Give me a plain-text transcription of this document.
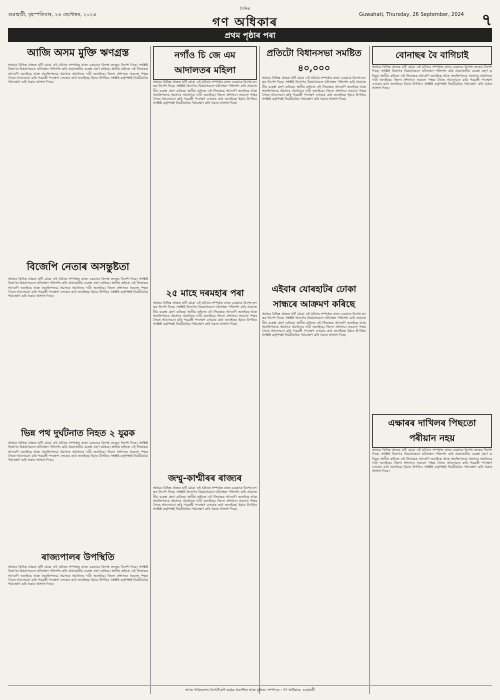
গুৱাহাটী, বৃহস্পতিবাৰ, ২৬ ছেপ্টেম্বৰ, ২০২৪
দৈনিক
গণ অধিকাৰ	Guwahati, Thursday, 26 September, 2024 ৭
প্ৰথম পৃষ্ঠাৰ পৰা
আজি অসম মুক্তি ঋণগ্ৰস্ত

অসমৰ বিভিন্ন প্ৰান্তত ঘটি যোৱা এই ঘটনাৰ সম্পৰ্কত ৰাজ্য চৰকাৰে বিশেষ তদন্তৰ নিৰ্দেশ দিছে। সংশ্লিষ্ট বিভাগৰ বিষয়াসকলে ঘটনাস্থল পৰিদৰ্শন কৰি প্ৰয়োজনীয় ব্যৱস্থা গ্ৰহণ কৰিছে। স্থানীয় ৰাইজে এই সিদ্ধান্তক আদৰণি জনাইছে আৰু অনতিপলমে সমস্যাৰ সমাধানৰ দাবী জনাইছে। জিলা প্ৰশাসনে সকলো পক্ষৰ সৈতে আলোচনা কৰি পৰৱৰ্তী পদক্ষেপ লোৱাৰ কথা জনাইছে। ইয়াৰ উপৰিও সংশ্লিষ্ট কৰ্তৃপক্ষই নিয়মীয়াকৈ পৰ্যবেক্ষণ কৰি থকাৰ আশ্বাস দিছে।

বিজেপি নেতাৰ অসন্তুষ্টতা

অসমৰ বিভিন্ন প্ৰান্তত ঘটি যোৱা এই ঘটনাৰ সম্পৰ্কত ৰাজ্য চৰকাৰে বিশেষ তদন্তৰ নিৰ্দেশ দিছে। সংশ্লিষ্ট বিভাগৰ বিষয়াসকলে ঘটনাস্থল পৰিদৰ্শন কৰি প্ৰয়োজনীয় ব্যৱস্থা গ্ৰহণ কৰিছে। স্থানীয় ৰাইজে এই সিদ্ধান্তক আদৰণি জনাইছে আৰু অনতিপলমে সমস্যাৰ সমাধানৰ দাবী জনাইছে। জিলা প্ৰশাসনে সকলো পক্ষৰ সৈতে আলোচনা কৰি পৰৱৰ্তী পদক্ষেপ লোৱাৰ কথা জনাইছে। ইয়াৰ উপৰিও সংশ্লিষ্ট কৰ্তৃপক্ষই নিয়মীয়াকৈ পৰ্যবেক্ষণ কৰি থকাৰ আশ্বাস দিছে।

ভিন্ন পথ দুৰ্ঘটনাত নিহত ২ যুৱক

অসমৰ বিভিন্ন প্ৰান্তত ঘটি যোৱা এই ঘটনাৰ সম্পৰ্কত ৰাজ্য চৰকাৰে বিশেষ তদন্তৰ নিৰ্দেশ দিছে। সংশ্লিষ্ট বিভাগৰ বিষয়াসকলে ঘটনাস্থল পৰিদৰ্শন কৰি প্ৰয়োজনীয় ব্যৱস্থা গ্ৰহণ কৰিছে। স্থানীয় ৰাইজে এই সিদ্ধান্তক আদৰণি জনাইছে আৰু অনতিপলমে সমস্যাৰ সমাধানৰ দাবী জনাইছে। জিলা প্ৰশাসনে সকলো পক্ষৰ সৈতে আলোচনা কৰি পৰৱৰ্তী পদক্ষেপ লোৱাৰ কথা জনাইছে। ইয়াৰ উপৰিও সংশ্লিষ্ট কৰ্তৃপক্ষই নিয়মীয়াকৈ পৰ্যবেক্ষণ কৰি থকাৰ আশ্বাস দিছে।

ৰাজ্যপালৰ উপস্থিতি

অসমৰ বিভিন্ন প্ৰান্তত ঘটি যোৱা এই ঘটনাৰ সম্পৰ্কত ৰাজ্য চৰকাৰে বিশেষ তদন্তৰ নিৰ্দেশ দিছে। সংশ্লিষ্ট বিভাগৰ বিষয়াসকলে ঘটনাস্থল পৰিদৰ্শন কৰি প্ৰয়োজনীয় ব্যৱস্থা গ্ৰহণ কৰিছে। স্থানীয় ৰাইজে এই সিদ্ধান্তক আদৰণি জনাইছে আৰু অনতিপলমে সমস্যাৰ সমাধানৰ দাবী জনাইছে। জিলা প্ৰশাসনে সকলো পক্ষৰ সৈতে আলোচনা কৰি পৰৱৰ্তী পদক্ষেপ লোৱাৰ কথা জনাইছে। ইয়াৰ উপৰিও সংশ্লিষ্ট কৰ্তৃপক্ষই নিয়মীয়াকৈ পৰ্যবেক্ষণ কৰি থকাৰ আশ্বাস দিছে।

নগাঁও চি জে এম আদালতৰ মহিলা

অসমৰ বিভিন্ন প্ৰান্তত ঘটি যোৱা এই ঘটনাৰ সম্পৰ্কত ৰাজ্য চৰকাৰে বিশেষ তদন্তৰ নিৰ্দেশ দিছে। সংশ্লিষ্ট বিভাগৰ বিষয়াসকলে ঘটনাস্থল পৰিদৰ্শন কৰি প্ৰয়োজনীয় ব্যৱস্থা গ্ৰহণ কৰিছে। স্থানীয় ৰাইজে এই সিদ্ধান্তক আদৰণি জনাইছে আৰু অনতিপলমে সমস্যাৰ সমাধানৰ দাবী জনাইছে। জিলা প্ৰশাসনে সকলো পক্ষৰ সৈতে আলোচনা কৰি পৰৱৰ্তী পদক্ষেপ লোৱাৰ কথা জনাইছে। ইয়াৰ উপৰিও সংশ্লিষ্ট কৰ্তৃপক্ষই নিয়মীয়াকৈ পৰ্যবেক্ষণ কৰি থকাৰ আশ্বাস দিছে।

২৫ মাহে দৰমহাৰ পৰা

অসমৰ বিভিন্ন প্ৰান্তত ঘটি যোৱা এই ঘটনাৰ সম্পৰ্কত ৰাজ্য চৰকাৰে বিশেষ তদন্তৰ নিৰ্দেশ দিছে। সংশ্লিষ্ট বিভাগৰ বিষয়াসকলে ঘটনাস্থল পৰিদৰ্শন কৰি প্ৰয়োজনীয় ব্যৱস্থা গ্ৰহণ কৰিছে। স্থানীয় ৰাইজে এই সিদ্ধান্তক আদৰণি জনাইছে আৰু অনতিপলমে সমস্যাৰ সমাধানৰ দাবী জনাইছে। জিলা প্ৰশাসনে সকলো পক্ষৰ সৈতে আলোচনা কৰি পৰৱৰ্তী পদক্ষেপ লোৱাৰ কথা জনাইছে। ইয়াৰ উপৰিও সংশ্লিষ্ট কৰ্তৃপক্ষই নিয়মীয়াকৈ পৰ্যবেক্ষণ কৰি থকাৰ আশ্বাস দিছে।

জম্মু-কাশ্মীৰৰ ৰাজ্যৰ

অসমৰ বিভিন্ন প্ৰান্তত ঘটি যোৱা এই ঘটনাৰ সম্পৰ্কত ৰাজ্য চৰকাৰে বিশেষ তদন্তৰ নিৰ্দেশ দিছে। সংশ্লিষ্ট বিভাগৰ বিষয়াসকলে ঘটনাস্থল পৰিদৰ্শন কৰি প্ৰয়োজনীয় ব্যৱস্থা গ্ৰহণ কৰিছে। স্থানীয় ৰাইজে এই সিদ্ধান্তক আদৰণি জনাইছে আৰু অনতিপলমে সমস্যাৰ সমাধানৰ দাবী জনাইছে। জিলা প্ৰশাসনে সকলো পক্ষৰ সৈতে আলোচনা কৰি পৰৱৰ্তী পদক্ষেপ লোৱাৰ কথা জনাইছে। ইয়াৰ উপৰিও সংশ্লিষ্ট কৰ্তৃপক্ষই নিয়মীয়াকৈ পৰ্যবেক্ষণ কৰি থকাৰ আশ্বাস দিছে।

প্ৰতিটো বিধানসভা সমষ্টিত ৪০,০০০

অসমৰ বিভিন্ন প্ৰান্তত ঘটি যোৱা এই ঘটনাৰ সম্পৰ্কত ৰাজ্য চৰকাৰে বিশেষ তদন্তৰ নিৰ্দেশ দিছে। সংশ্লিষ্ট বিভাগৰ বিষয়াসকলে ঘটনাস্থল পৰিদৰ্শন কৰি প্ৰয়োজনীয় ব্যৱস্থা গ্ৰহণ কৰিছে। স্থানীয় ৰাইজে এই সিদ্ধান্তক আদৰণি জনাইছে আৰু অনতিপলমে সমস্যাৰ সমাধানৰ দাবী জনাইছে। জিলা প্ৰশাসনে সকলো পক্ষৰ সৈতে আলোচনা কৰি পৰৱৰ্তী পদক্ষেপ লোৱাৰ কথা জনাইছে। ইয়াৰ উপৰিও সংশ্লিষ্ট কৰ্তৃপক্ষই নিয়মীয়াকৈ পৰ্যবেক্ষণ কৰি থকাৰ আশ্বাস দিছে।

এইবাৰ যোৰহাটৰ ঢোকা সান্ধৰে আক্ৰমণ কৰিছে

অসমৰ বিভিন্ন প্ৰান্তত ঘটি যোৱা এই ঘটনাৰ সম্পৰ্কত ৰাজ্য চৰকাৰে বিশেষ তদন্তৰ নিৰ্দেশ দিছে। সংশ্লিষ্ট বিভাগৰ বিষয়াসকলে ঘটনাস্থল পৰিদৰ্শন কৰি প্ৰয়োজনীয় ব্যৱস্থা গ্ৰহণ কৰিছে। স্থানীয় ৰাইজে এই সিদ্ধান্তক আদৰণি জনাইছে আৰু অনতিপলমে সমস্যাৰ সমাধানৰ দাবী জনাইছে। জিলা প্ৰশাসনে সকলো পক্ষৰ সৈতে আলোচনা কৰি পৰৱৰ্তী পদক্ষেপ লোৱাৰ কথা জনাইছে। ইয়াৰ উপৰিও সংশ্লিষ্ট কৰ্তৃপক্ষই নিয়মীয়াকৈ পৰ্যবেক্ষণ কৰি থকাৰ আশ্বাস দিছে।

বোনাছৰ বৈ বাগিচাই

অসমৰ বিভিন্ন প্ৰান্তত ঘটি যোৱা এই ঘটনাৰ সম্পৰ্কত ৰাজ্য চৰকাৰে বিশেষ তদন্তৰ নিৰ্দেশ দিছে। সংশ্লিষ্ট বিভাগৰ বিষয়াসকলে ঘটনাস্থল পৰিদৰ্শন কৰি প্ৰয়োজনীয় ব্যৱস্থা গ্ৰহণ কৰিছে। স্থানীয় ৰাইজে এই সিদ্ধান্তক আদৰণি জনাইছে আৰু অনতিপলমে সমস্যাৰ সমাধানৰ দাবী জনাইছে। জিলা প্ৰশাসনে সকলো পক্ষৰ সৈতে আলোচনা কৰি পৰৱৰ্তী পদক্ষেপ লোৱাৰ কথা জনাইছে। ইয়াৰ উপৰিও সংশ্লিষ্ট কৰ্তৃপক্ষই নিয়মীয়াকৈ পৰ্যবেক্ষণ কৰি থকাৰ আশ্বাস দিছে।

এক্ষাৰৰ দাখিলৰ পিছতো পৰীয়ান নহয়

অসমৰ বিভিন্ন প্ৰান্তত ঘটি যোৱা এই ঘটনাৰ সম্পৰ্কত ৰাজ্য চৰকাৰে বিশেষ তদন্তৰ নিৰ্দেশ দিছে। সংশ্লিষ্ট বিভাগৰ বিষয়াসকলে ঘটনাস্থল পৰিদৰ্শন কৰি প্ৰয়োজনীয় ব্যৱস্থা গ্ৰহণ কৰিছে। স্থানীয় ৰাইজে এই সিদ্ধান্তক আদৰণি জনাইছে আৰু অনতিপলমে সমস্যাৰ সমাধানৰ দাবী জনাইছে। জিলা প্ৰশাসনে সকলো পক্ষৰ সৈতে আলোচনা কৰি পৰৱৰ্তী পদক্ষেপ লোৱাৰ কথা জনাইছে। ইয়াৰ উপৰিও সংশ্লিষ্ট কৰ্তৃপক্ষই নিয়মীয়াকৈ পৰ্যবেক্ষণ কৰি থকাৰ আশ্বাস দিছে।

অসম পাব্লিকেশন ডিপাৰ্টমেণ্ট কৰ্তৃক প্ৰকাশিত আৰু মুদ্ৰিত। সম্পাদক : গণ অধিকাৰ, গুৱাহাটী
